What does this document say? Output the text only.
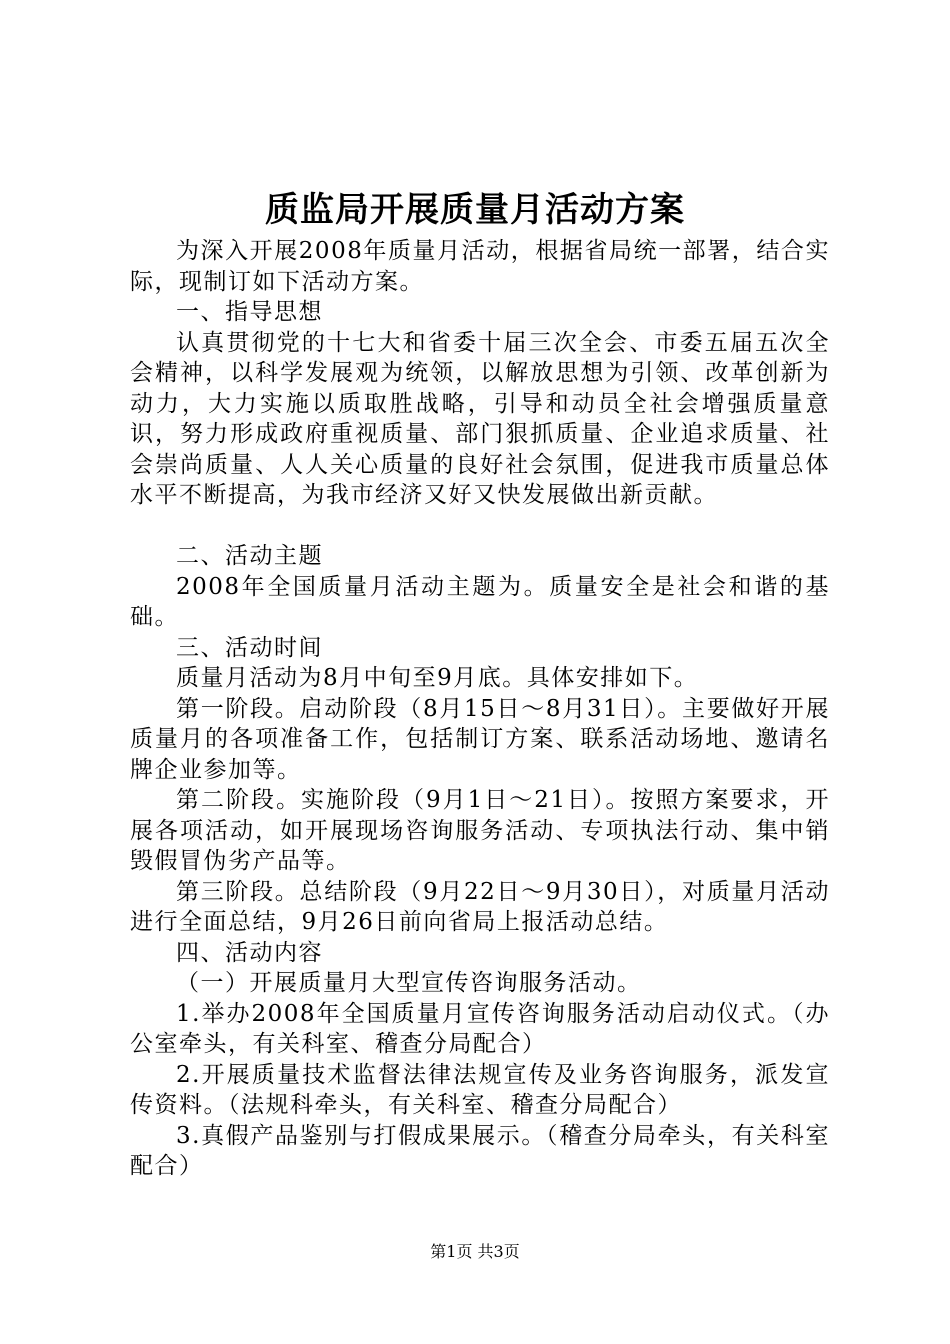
质监局开展质量月活动方案

为深入开展2008年质量月活动，根据省局统一部署，结合实际，现制订如下活动方案。

一、指导思想

认真贯彻党的十七大和省委十届三次全会、市委五届五次全会精神，以科学发展观为统领，以解放思想为引领、改革创新为动力，大力实施以质取胜战略，引导和动员全社会增强质量意识，努力形成政府重视质量、部门狠抓质量、企业追求质量、社会崇尚质量、人人关心质量的良好社会氛围，促进我市质量总体水平不断提高，为我市经济又好又快发展做出新贡献。

二、活动主题

2008年全国质量月活动主题为。质量安全是社会和谐的基础。

三、活动时间

质量月活动为8月中旬至9月底。具体安排如下。

第一阶段。启动阶段（8月15日～8月31日）。主要做好开展质量月的各项准备工作，包括制订方案、联系活动场地、邀请名牌企业参加等。

第二阶段。实施阶段（9月1日～21日）。按照方案要求，开展各项活动，如开展现场咨询服务活动、专项执法行动、集中销毁假冒伪劣产品等。

第三阶段。总结阶段（9月22日～9月30日），对质量月活动进行全面总结，9月26日前向省局上报活动总结。

四、活动内容

（一）开展质量月大型宣传咨询服务活动。

1.举办2008年全国质量月宣传咨询服务活动启动仪式。（办公室牵头，有关科室、稽查分局配合）

2.开展质量技术监督法律法规宣传及业务咨询服务，派发宣传资料。（法规科牵头，有关科室、稽查分局配合）

3.真假产品鉴别与打假成果展示。（稽查分局牵头，有关科室配合）

第1页 共3页
